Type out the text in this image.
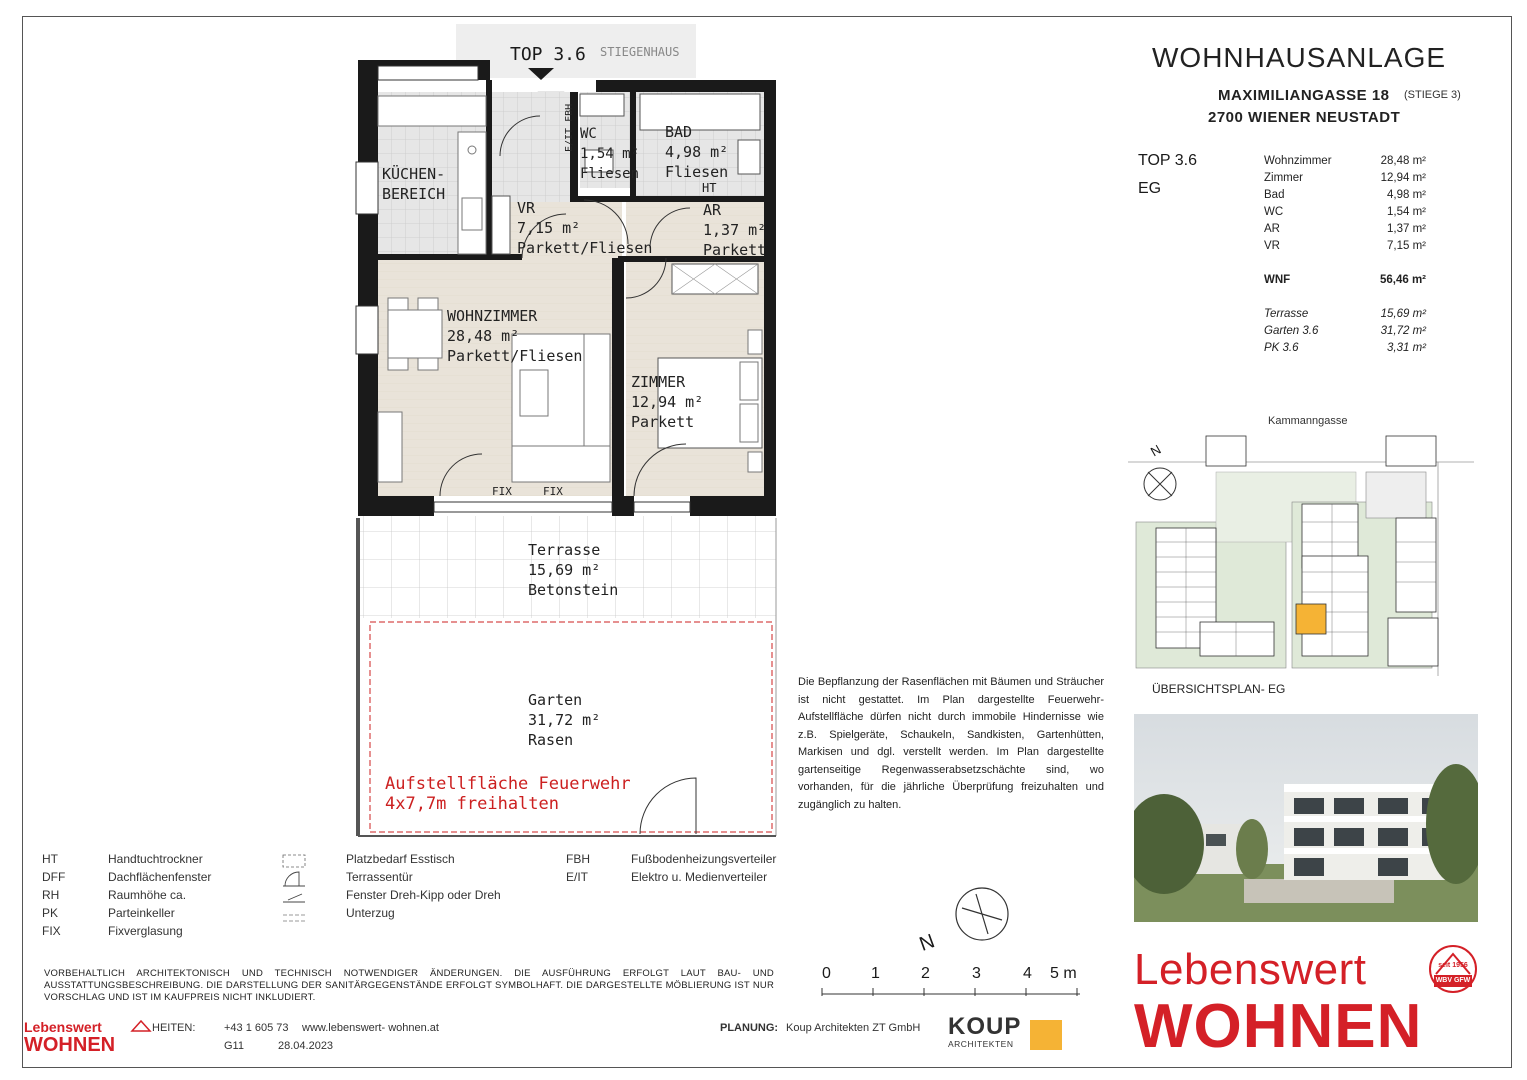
TOP 3.6 STIEGENHAUS
KÜCHEN-
BEREICH
WC
1,54 m²
Fliesen
BAD
4,98 m²
Fliesen
HT
E/IT FBH
VR
7,15 m²
Parkett/Fliesen
AR
1,37 m²
Parkett
WOHNZIMMER
28,48 m²
Parkett/Fliesen
ZIMMER
12,94 m²
Parkett
FIX	FIX
Terrasse
15,69 m²
Betonstein
Garten
31,72 m²
Rasen
Aufstellfläche Feuerwehr
4x7,7m freihalten
WOHNHAUSANLAGE
MAXIMILIANGASSE 18 (STIEGE 3)
2700 WIENER NEUSTADT
TOP 3.6
EG
Wohnzimmer	28,48 m²
Zimmer	12,94 m²
Bad	4,98 m²
WC	1,54 m²
AR	1,37 m²
VR	7,15 m²

WNF	56,46 m²

Terrasse	15,69 m²
Garten 3.6	31,72 m²
PK 3.6	3,31 m²
Kammanngasse
N
ÜBERSICHTSPLAN- EG
Die Bepflanzung der Rasenflächen mit Bäumen und Sträucher ist nicht gestattet. Im Plan dargestellte Feuerwehr-Aufstellfläche dürfen nicht durch immobile Hindernisse wie z.B. Spielgeräte, Schaukeln, Sandkisten, Gartenhütten, Markisen und dgl. verstellt werden. Im Plan dargestellte gartenseitige Regenwasserabsetzschächte sind, wo vorhanden, für die jährliche Überprüfung freizuhalten und zugänglich zu halten.
HT	Handtuchtrockner
DFF	Dachflächenfenster
RH	Raumhöhe ca.
PK	Parteinkeller
FIX	Fixverglasung
Platzbedarf Esstisch
Terrassentür
Fenster Dreh-Kipp oder Dreh
Unterzug
FBH	Fußbodenheizungsverteiler
E/IT	Elektro u. Medienverteiler
N
0	1	2	3	4 5 m
VORBEHALTLICH ARCHITEKTONISCH UND TECHNISCH NOTWENDIGER ÄNDERUNGEN. DIE AUSFÜHRUNG ERFOLGT LAUT BAU- UND AUSSTATTUNGSBESCHREIBUNG. DIE DARSTELLUNG DER SANITÄRGEGENSTÄNDE ERFOLGT SYMBOLHAFT. DIE DARGESTELLTE MÖBLIERUNG IST NUR VORSCHLAG UND IST IM KAUFPREIS NICHT INKLUDIERT.
Lebenswert
WOHNEN
HEITEN:	+43 1 605 73 www.lebenswert- wohnen.at
G11	28.04.2023
PLANUNG: Koup Architekten ZT GmbH KOUP
ARCHITEKTEN
Lebenswert
WOHNEN
seit 1956
WBV GFW
